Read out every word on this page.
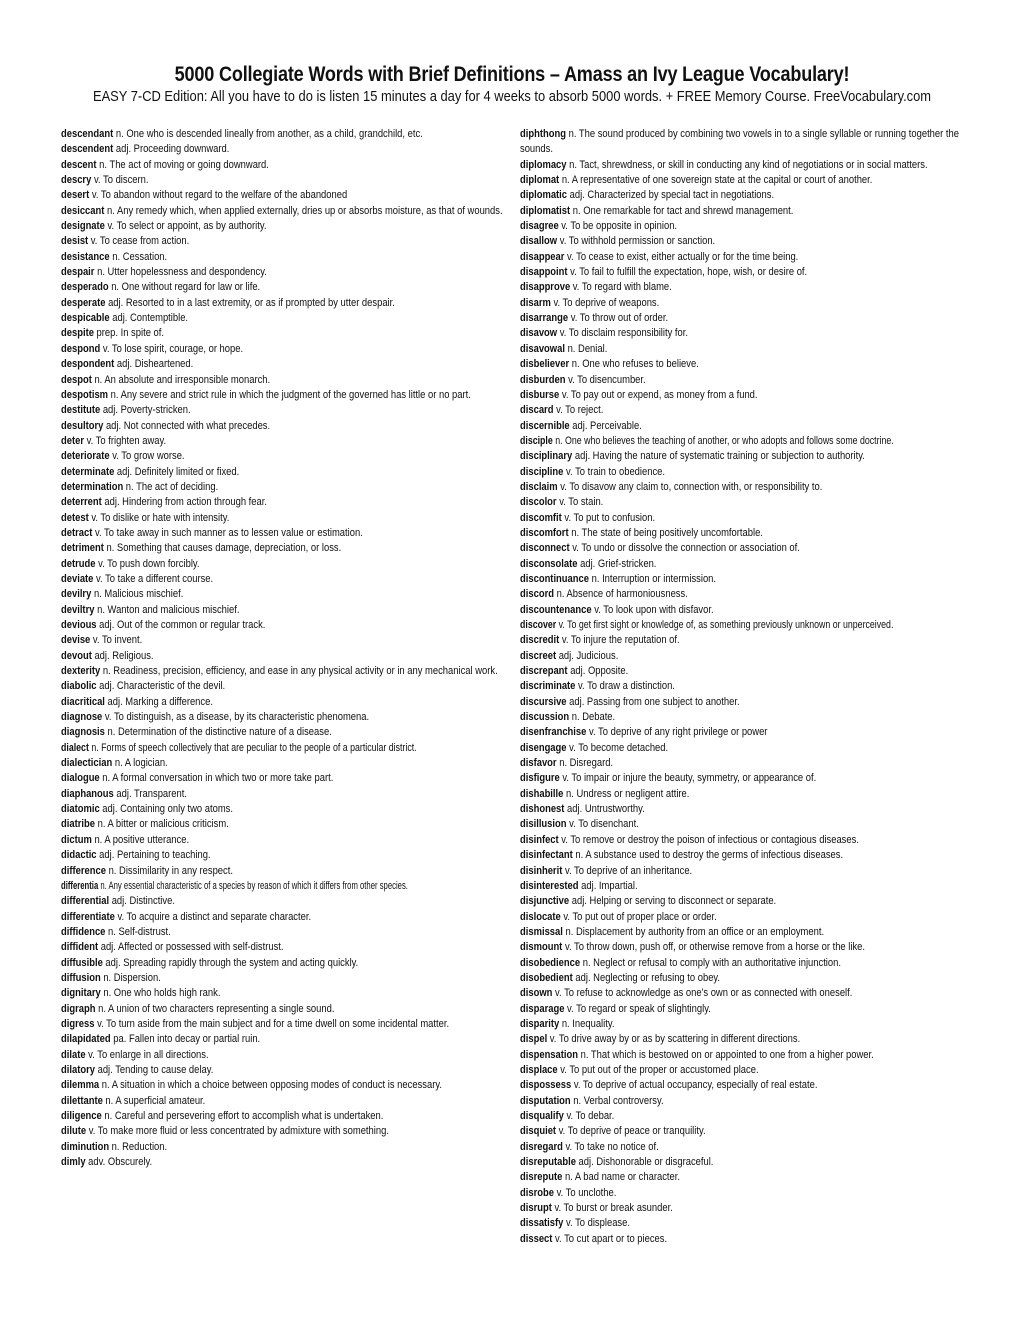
5000 Collegiate Words with Brief Definitions – Amass an Ivy League Vocabulary!
EASY 7-CD Edition: All you have to do is listen 15 minutes a day for 4 weeks to absorb 5000 words. + FREE Memory Course. FreeVocabulary.com
descendant n. One who is descended lineally from another, as a child, grandchild, etc.
descendent adj. Proceeding downward.
descent n. The act of moving or going downward.
descry v. To discern.
desert v. To abandon without regard to the welfare of the abandoned
desiccant n. Any remedy which, when applied externally, dries up or absorbs moisture, as that of wounds.
designate v. To select or appoint, as by authority.
desist v. To cease from action.
desistance n. Cessation.
despair n. Utter hopelessness and despondency.
desperado n. One without regard for law or life.
desperate adj. Resorted to in a last extremity, or as if prompted by utter despair.
despicable adj. Contemptible.
despite prep. In spite of.
despond v. To lose spirit, courage, or hope.
despondent adj. Disheartened.
despot n. An absolute and irresponsible monarch.
despotism n. Any severe and strict rule in which the judgment of the governed has little or no part.
destitute adj. Poverty-stricken.
desultory adj. Not connected with what precedes.
deter v. To frighten away.
deteriorate v. To grow worse.
determinate adj. Definitely limited or fixed.
determination n. The act of deciding.
deterrent adj. Hindering from action through fear.
detest v. To dislike or hate with intensity.
detract v. To take away in such manner as to lessen value or estimation.
detriment n. Something that causes damage, depreciation, or loss.
detrude v. To push down forcibly.
deviate v. To take a different course.
devilry n. Malicious mischief.
deviltry n. Wanton and malicious mischief.
devious adj. Out of the common or regular track.
devise v. To invent.
devout adj. Religious.
dexterity n. Readiness, precision, efficiency, and ease in any physical activity or in any mechanical work.
diabolic adj. Characteristic of the devil.
diacritical adj. Marking a difference.
diagnose v. To distinguish, as a disease, by its characteristic phenomena.
diagnosis n. Determination of the distinctive nature of a disease.
dialect n. Forms of speech collectively that are peculiar to the people of a particular district.
dialectician n. A logician.
dialogue n. A formal conversation in which two or more take part.
diaphanous adj. Transparent.
diatomic adj. Containing only two atoms.
diatribe n. A bitter or malicious criticism.
dictum n. A positive utterance.
didactic adj. Pertaining to teaching.
difference n. Dissimilarity in any respect.
differentia n. Any essential characteristic of a species by reason of which it differs from other species.
differential adj. Distinctive.
differentiate v. To acquire a distinct and separate character.
diffidence n. Self-distrust.
diffident adj. Affected or possessed with self-distrust.
diffusible adj. Spreading rapidly through the system and acting quickly.
diffusion n. Dispersion.
dignitary n. One who holds high rank.
digraph n. A union of two characters representing a single sound.
digress v. To turn aside from the main subject and for a time dwell on some incidental matter.
dilapidated pa. Fallen into decay or partial ruin.
dilate v. To enlarge in all directions.
dilatory adj. Tending to cause delay.
dilemma n. A situation in which a choice between opposing modes of conduct is necessary.
dilettante n. A superficial amateur.
diligence n. Careful and persevering effort to accomplish what is undertaken.
dilute v. To make more fluid or less concentrated by admixture with something.
diminution n. Reduction.
dimly adv. Obscurely.
diphthong n. The sound produced by combining two vowels in to a single syllable or running together the sounds.
diplomacy n. Tact, shrewdness, or skill in conducting any kind of negotiations or in social matters.
diplomat n. A representative of one sovereign state at the capital or court of another.
diplomatic adj. Characterized by special tact in negotiations.
diplomatist n. One remarkable for tact and shrewd management.
disagree v. To be opposite in opinion.
disallow v. To withhold permission or sanction.
disappear v. To cease to exist, either actually or for the time being.
disappoint v. To fail to fulfill the expectation, hope, wish, or desire of.
disapprove v. To regard with blame.
disarm v. To deprive of weapons.
disarrange v. To throw out of order.
disavow v. To disclaim responsibility for.
disavowal n. Denial.
disbeliever n. One who refuses to believe.
disburden v. To disencumber.
disburse v. To pay out or expend, as money from a fund.
discard v. To reject.
discernible adj. Perceivable.
disciple n. One who believes the teaching of another, or who adopts and follows some doctrine.
disciplinary adj. Having the nature of systematic training or subjection to authority.
discipline v. To train to obedience.
disclaim v. To disavow any claim to, connection with, or responsibility to.
discolor v. To stain.
discomfit v. To put to confusion.
discomfort n. The state of being positively uncomfortable.
disconnect v. To undo or dissolve the connection or association of.
disconsolate adj. Grief-stricken.
discontinuance n. Interruption or intermission.
discord n. Absence of harmoniousness.
discountenance v. To look upon with disfavor.
discover v. To get first sight or knowledge of, as something previously unknown or unperceived.
discredit v. To injure the reputation of.
discreet adj. Judicious.
discrepant adj. Opposite.
discriminate v. To draw a distinction.
discursive adj. Passing from one subject to another.
discussion n. Debate.
disenfranchise v. To deprive of any right privilege or power
disengage v. To become detached.
disfavor n. Disregard.
disfigure v. To impair or injure the beauty, symmetry, or appearance of.
dishabille n. Undress or negligent attire.
dishonest adj. Untrustworthy.
disillusion v. To disenchant.
disinfect v. To remove or destroy the poison of infectious or contagious diseases.
disinfectant n. A substance used to destroy the germs of infectious diseases.
disinherit v. To deprive of an inheritance.
disinterested adj. Impartial.
disjunctive adj. Helping or serving to disconnect or separate.
dislocate v. To put out of proper place or order.
dismissal n. Displacement by authority from an office or an employment.
dismount v. To throw down, push off, or otherwise remove from a horse or the like.
disobedience n. Neglect or refusal to comply with an authoritative injunction.
disobedient adj. Neglecting or refusing to obey.
disown v. To refuse to acknowledge as one's own or as connected with oneself.
disparage v. To regard or speak of slightingly.
disparity n. Inequality.
dispel v. To drive away by or as by scattering in different directions.
dispensation n. That which is bestowed on or appointed to one from a higher power.
displace v. To put out of the proper or accustomed place.
dispossess v. To deprive of actual occupancy, especially of real estate.
disputation n. Verbal controversy.
disqualify v. To debar.
disquiet v. To deprive of peace or tranquility.
disregard v. To take no notice of.
disreputable adj. Dishonorable or disgraceful.
disrepute n. A bad name or character.
disrobe v. To unclothe.
disrupt v. To burst or break asunder.
dissatisfy v. To displease.
dissect v. To cut apart or to pieces.
